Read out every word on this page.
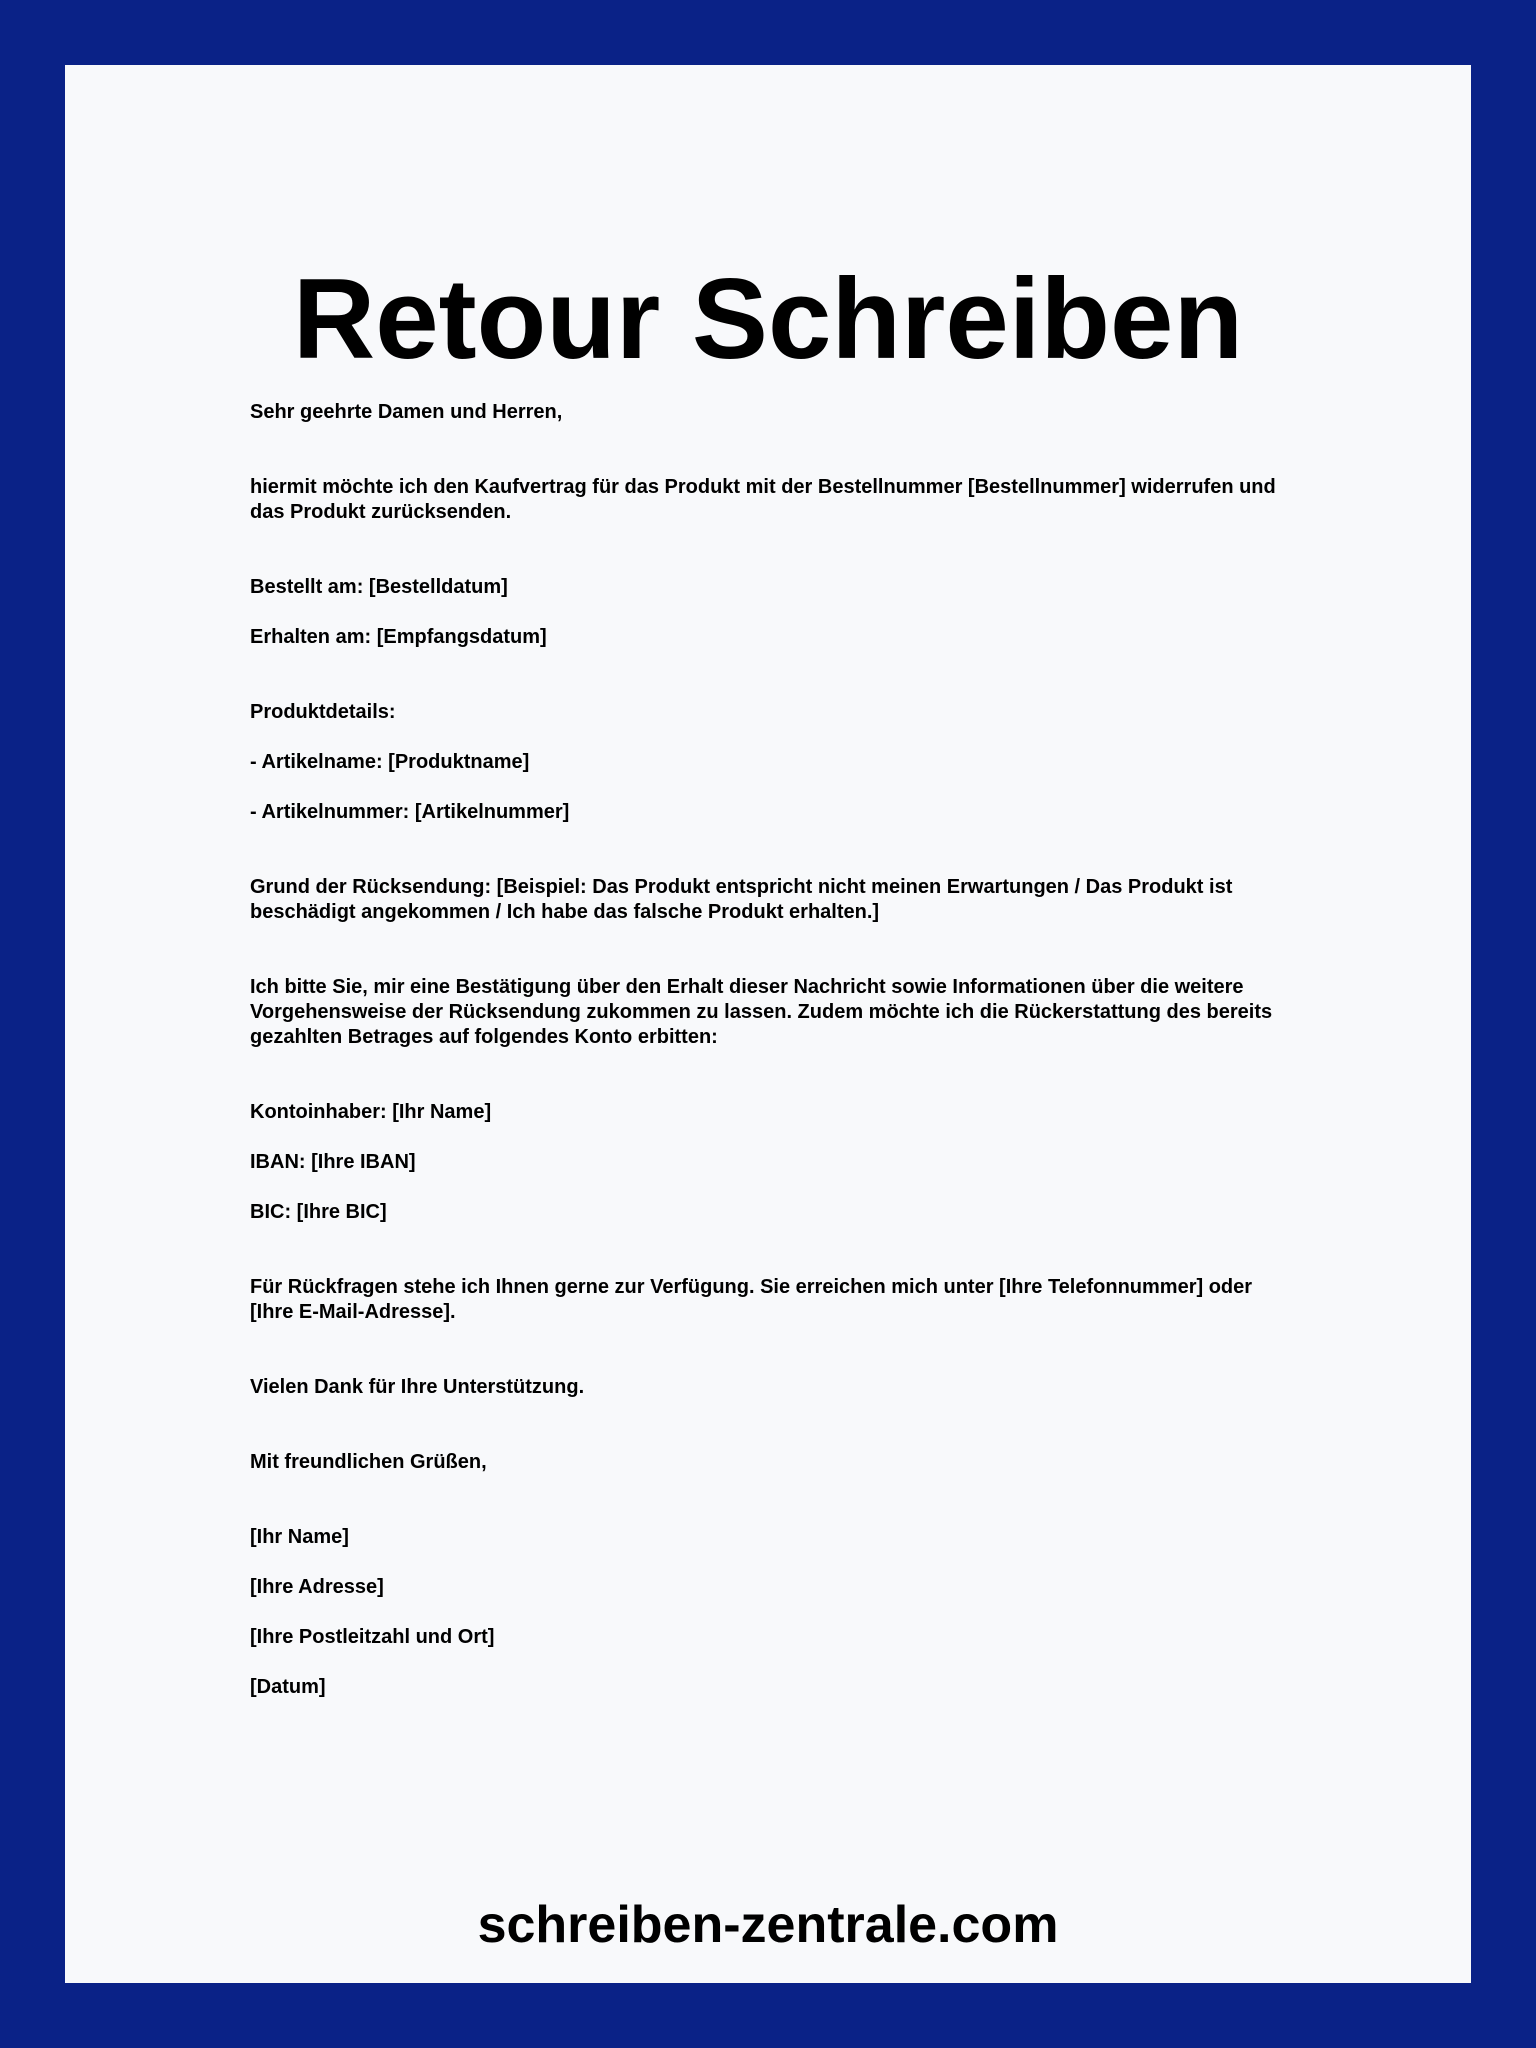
Retour Schreiben

Sehr geehrte Damen und Herren,

hiermit möchte ich den Kaufvertrag für das Produkt mit der Bestellnummer [Bestellnummer] widerrufen und das Produkt zurücksenden.

Bestellt am: [Bestelldatum]

Erhalten am: [Empfangsdatum]

Produktdetails:

- Artikelname: [Produktname]

- Artikelnummer: [Artikelnummer]

Grund der Rücksendung: [Beispiel: Das Produkt entspricht nicht meinen Erwartungen / Das Produkt ist beschädigt angekommen / Ich habe das falsche Produkt erhalten.]

Ich bitte Sie, mir eine Bestätigung über den Erhalt dieser Nachricht sowie Informationen über die weitere Vorgehensweise der Rücksendung zukommen zu lassen. Zudem möchte ich die Rückerstattung des bereits gezahlten Betrages auf folgendes Konto erbitten:

Kontoinhaber: [Ihr Name]

IBAN: [Ihre IBAN]

BIC: [Ihre BIC]

Für Rückfragen stehe ich Ihnen gerne zur Verfügung. Sie erreichen mich unter [Ihre Telefonnummer] oder [Ihre E-Mail-Adresse].

Vielen Dank für Ihre Unterstützung.

Mit freundlichen Grüßen,

[Ihr Name]

[Ihre Adresse]

[Ihre Postleitzahl und Ort]

[Datum]

schreiben-zentrale.com
